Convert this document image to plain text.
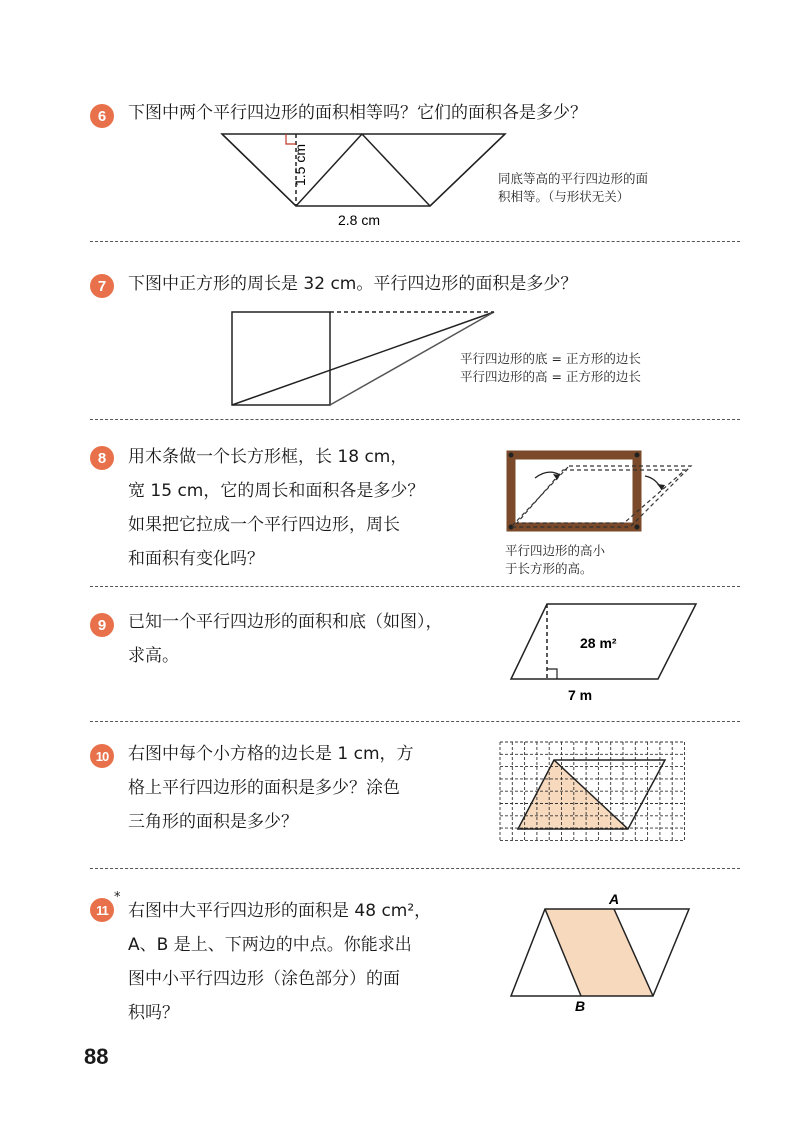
6	下图中两个平行四边形的面积相等吗？它们的面积各是多少？
1.5 cm
2.8 cm
同底等高的平行四边形的面
积相等。（与形状无关）
7	下图中正方形的周长是 32 cm。平行四边形的面积是多少？
平行四边形的底 = 正方形的边长
平行四边形的高 = 正方形的边长
8	用木条做一个长方形框，长 18 cm，
宽 15 cm，它的周长和面积各是多少？
如果把它拉成一个平行四边形，周长
和面积有变化吗？	平行四边形的高小
于长方形的高。
9	已知一个平行四边形的面积和底（如图），
求高。
28 m²
7 m
10	右图中每个小方格的边长是 1 cm，方
格上平行四边形的面积是多少？涂色
三角形的面积是多少？
11
*
右图中大平行四边形的面积是 48 cm²，
A、B 是上、下两边的中点。你能求出
图中小平行四边形（涂色部分）的面
积吗？
A
B
88
